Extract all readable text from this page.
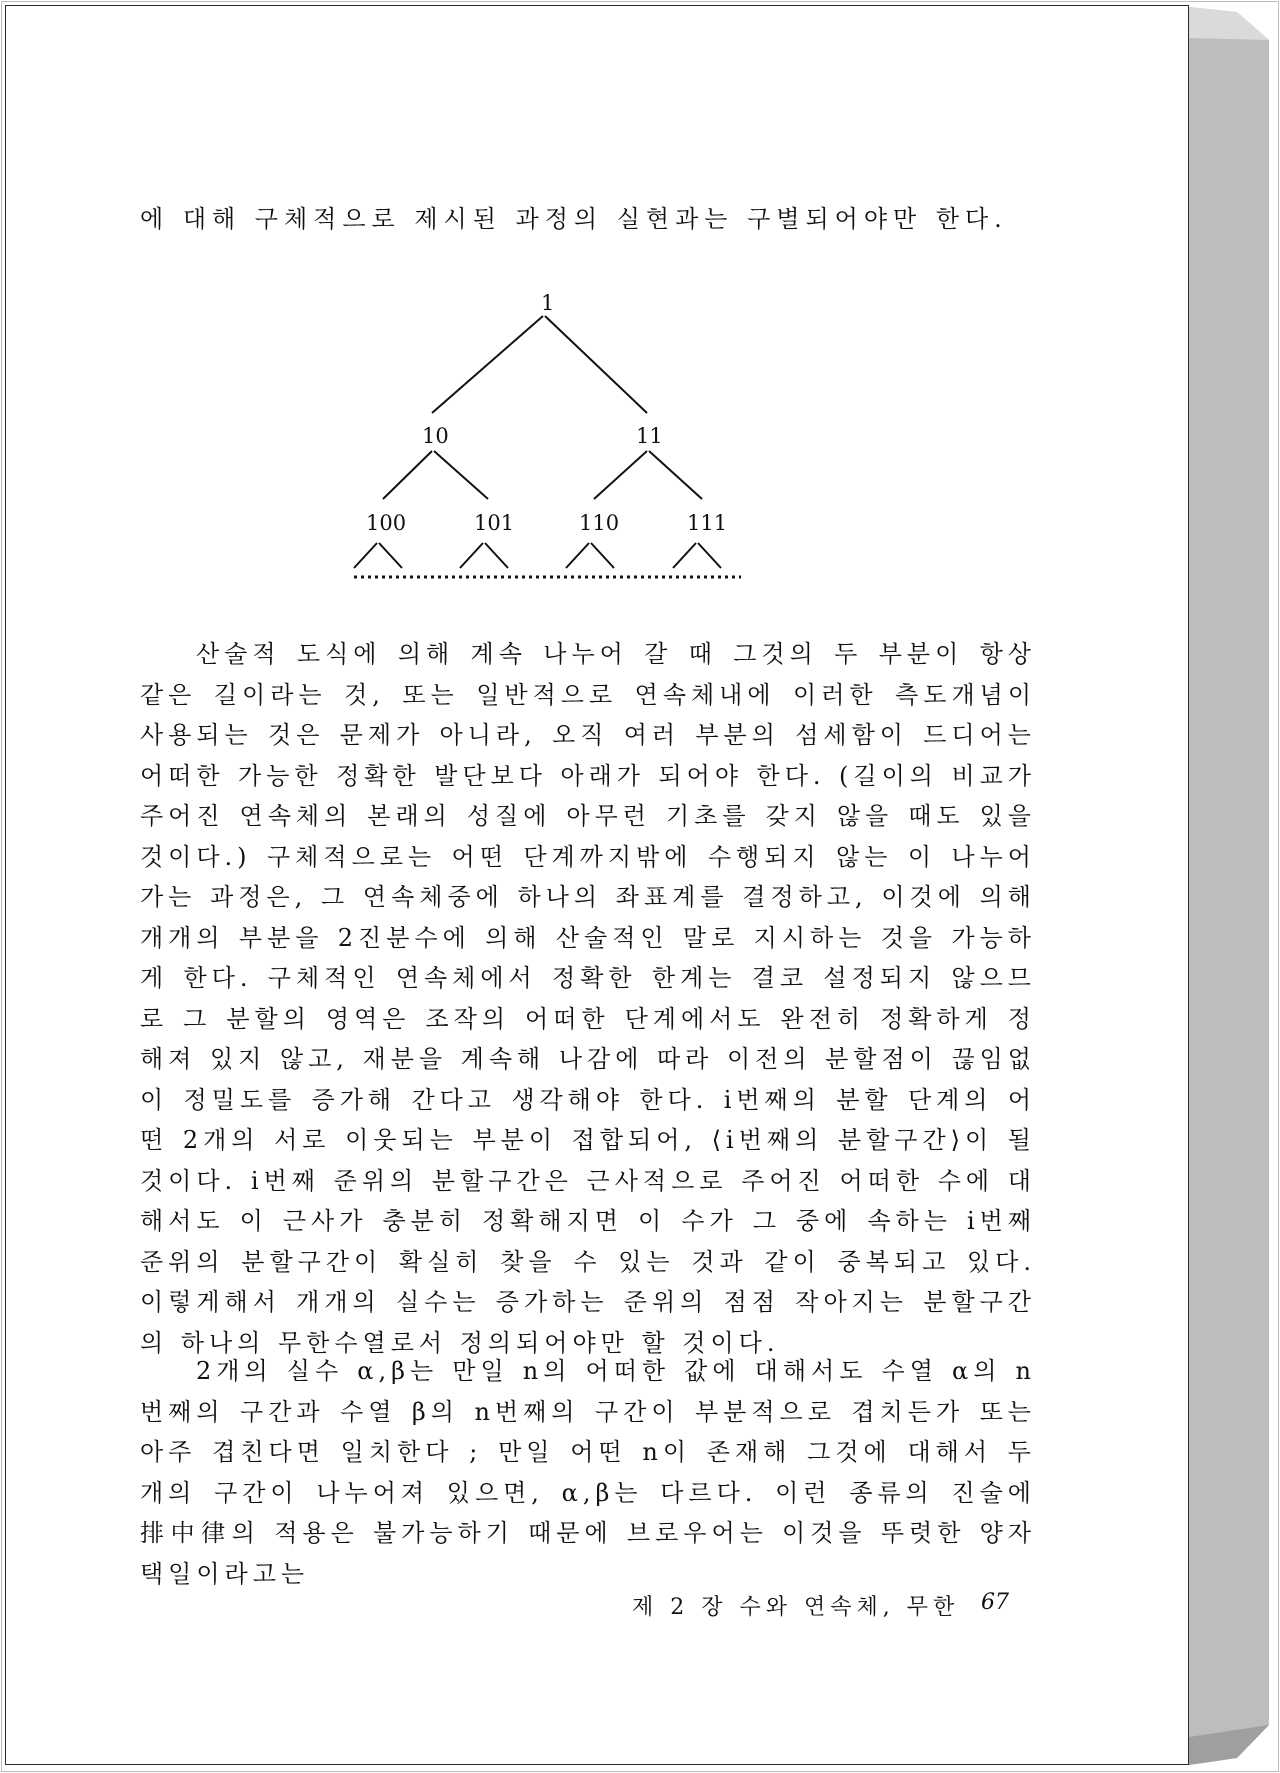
에 대해 구체적으로 제시된 과정의 실현과는 구별되어야만 한다.
1
10	11
100	101	110	111

산술적 도식에 의해 계속 나누어 갈 때 그것의 두 부분이 항상 같은 길이라는 것, 또는 일반적으로 연속체내에 이러한 측도개념이 사용되는 것은 문제가 아니라, 오직 여러 부분의 섬세함이 드디어는 어떠한 가능한 정확한 발단보다 아래가 되어야 한다. (길이의 비교가 주어진 연속체의 본래의 성질에 아무런 기초를 갖지 않을 때도 있을 것이다.) 구체적으로는 어떤 단계까지밖에 수행되지 않는 이 나누어가는 과정은, 그 연속체중에 하나의 좌표계를 결정하고, 이것에 의해 개개의 부분을 2진분수에 의해 산술적인 말로 지시하는 것을 가능하게 한다. 구체적인 연속체에서 정확한 한계는 결코 설정되지 않으므로 그 분할의 영역은 조작의 어떠한 단계에서도 완전히 정확하게 정해져 있지 않고, 재분을 계속해 나감에 따라 이전의 분할점이 끊임없이 정밀도를 증가해 간다고 생각해야 한다. i번째의 분할 단계의 어떤 2개의 서로 이웃되는 부분이 접합되어, ⟨i번째의 분할구간⟩이 될 것이다. i번째 준위의 분할구간은 근사적으로 주어진 어떠한 수에 대해서도 이 근사가 충분히 정확해지면 이 수가 그 중에 속하는 i번째 준위의 분할구간이 확실히 찾을 수 있는 것과 같이 중복되고 있다. 이렇게해서 개개의 실수는 증가하는 준위의 점점 작아지는 분할구간의 하나의 무한수열로서 정의되어야만 할 것이다.

2개의 실수 α,β는 만일 n의 어떠한 값에 대해서도 수열 α의 n번째의 구간과 수열 β의 n번째의 구간이 부분적으로 겹치든가 또는 아주 겹친다면 일치한다 ; 만일 어떤 n이 존재해 그것에 대해서 두 개의 구간이 나누어져 있으면, α,β는 다르다. 이런 종류의 진술에 排中律의 적용은 불가능하기 때문에 브로우어는 이것을 뚜렷한 양자택일이라고는

제 2 장 수와 연속체, 무한 67
